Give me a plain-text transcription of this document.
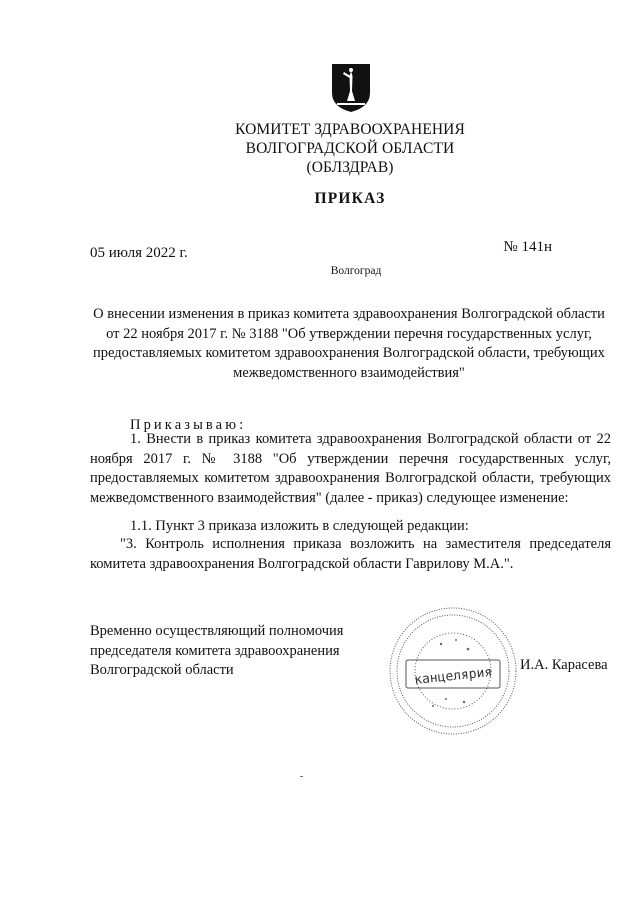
КОМИТЕТ ЗДРАВООХРАНЕНИЯ
ВОЛГОГРАДСКОЙ ОБЛАСТИ
(ОБЛЗДРАВ)
ПРИКАЗ
05 июля 2022 г.	№ 141н
Волгоград
О внесении изменения в приказ комитета здравоохранения Волгоградской области от 22 ноября 2017 г. № 3188 "Об утверждении перечня государственных услуг, предоставляемых комитетом здравоохранения Волгоградской области, требующих межведомственного взаимодействия"
Приказываю:
1. Внести в приказ комитета здравоохранения Волгоградской области от 22 ноября 2017 г. № 3188 "Об утверждении перечня государственных услуг, предоставляемых комитетом здравоохранения Волгоградской области, требующих межведомственного взаимодействия" (далее - приказ) следующее изменение:
1.1. Пункт 3 приказа изложить в следующей редакции:
"3. Контроль исполнения приказа возложить на заместителя председателя комитета здравоохранения Волгоградской области Гаврилову М.А.".
Временно осуществляющий полномочия
председателя комитета здравоохранения
Волгоградской области	канцелярия И.А. Карасева
